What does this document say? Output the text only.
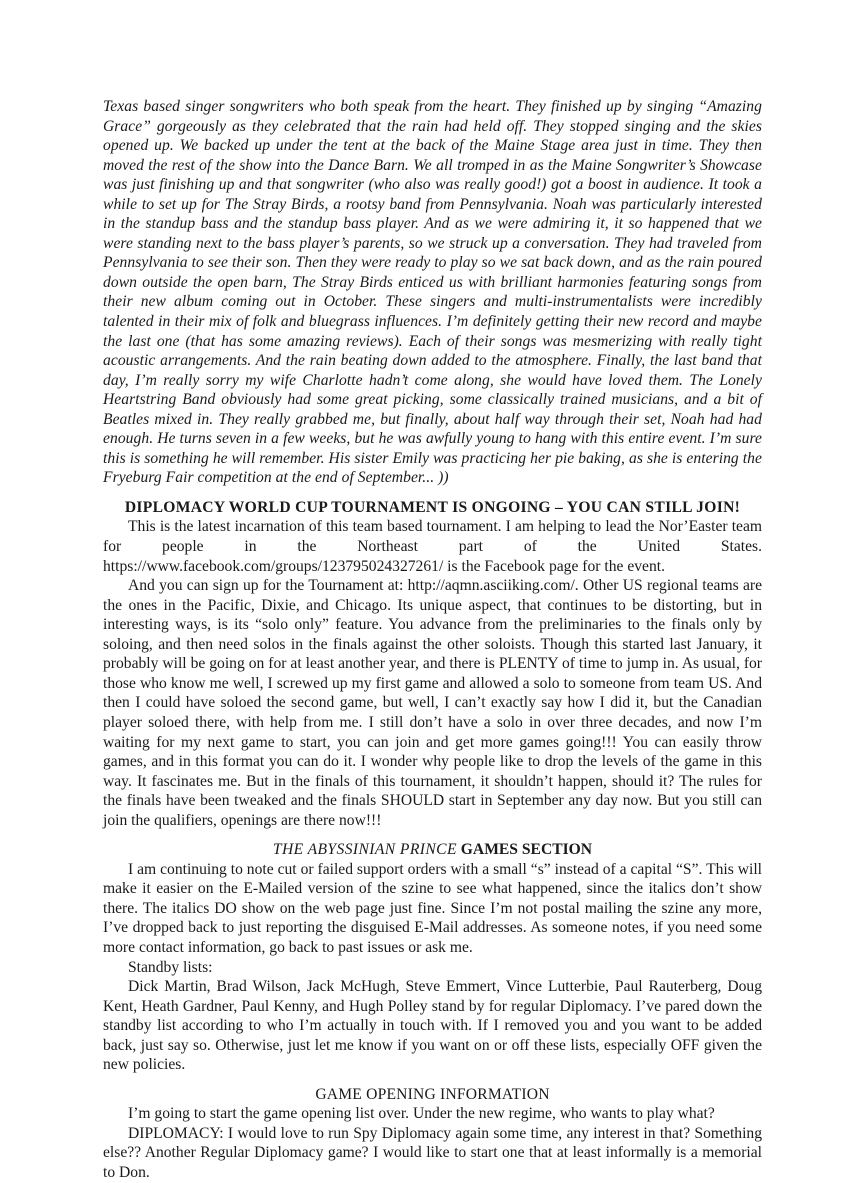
Texas based singer songwriters who both speak from the heart. They finished up by singing “Amazing Grace” gorgeously as they celebrated that the rain had held off. They stopped singing and the skies opened up. We backed up under the tent at the back of the Maine Stage area just in time. They then moved the rest of the show into the Dance Barn. We all tromped in as the Maine Songwriter’s Showcase was just finishing up and that songwriter (who also was really good!) got a boost in audience. It took a while to set up for The Stray Birds, a rootsy band from Pennsylvania. Noah was particularly interested in the standup bass and the standup bass player. And as we were admiring it, it so happened that we were standing next to the bass player’s parents, so we struck up a conversation. They had traveled from Pennsylvania to see their son. Then they were ready to play so we sat back down, and as the rain poured down outside the open barn, The Stray Birds enticed us with brilliant harmonies featuring songs from their new album coming out in October. These singers and multi-instrumentalists were incredibly talented in their mix of folk and bluegrass influences. I’m definitely getting their new record and maybe the last one (that has some amazing reviews). Each of their songs was mesmerizing with really tight acoustic arrangements. And the rain beating down added to the atmosphere. Finally, the last band that day, I’m really sorry my wife Charlotte hadn’t come along, she would have loved them. The Lonely Heartstring Band obviously had some great picking, some classically trained musicians, and a bit of Beatles mixed in. They really grabbed me, but finally, about half way through their set, Noah had had enough. He turns seven in a few weeks, but he was awfully young to hang with this entire event. I’m sure this is something he will remember. His sister Emily was practicing her pie baking, as she is entering the Fryeburg Fair competition at the end of September... ))

DIPLOMACY WORLD CUP TOURNAMENT IS ONGOING – YOU CAN STILL JOIN!

This is the latest incarnation of this team based tournament. I am helping to lead the Nor’Easter team for people in the Northeast part of the United States. https://www.facebook.com/groups/123795024327261/ is the Facebook page for the event.

And you can sign up for the Tournament at: http://aqmn.asciiking.com/. Other US regional teams are the ones in the Pacific, Dixie, and Chicago. Its unique aspect, that continues to be distorting, but in interesting ways, is its “solo only” feature. You advance from the preliminaries to the finals only by soloing, and then need solos in the finals against the other soloists. Though this started last January, it probably will be going on for at least another year, and there is PLENTY of time to jump in. As usual, for those who know me well, I screwed up my first game and allowed a solo to someone from team US. And then I could have soloed the second game, but well, I can’t exactly say how I did it, but the Canadian player soloed there, with help from me. I still don’t have a solo in over three decades, and now I’m waiting for my next game to start, you can join and get more games going!!! You can easily throw games, and in this format you can do it. I wonder why people like to drop the levels of the game in this way. It fascinates me. But in the finals of this tournament, it shouldn’t happen, should it? The rules for the finals have been tweaked and the finals SHOULD start in September any day now. But you still can join the qualifiers, openings are there now!!!

THE ABYSSINIAN PRINCE GAMES SECTION

I am continuing to note cut or failed support orders with a small “s” instead of a capital “S”. This will make it easier on the E-Mailed version of the szine to see what happened, since the italics don’t show there. The italics DO show on the web page just fine. Since I’m not postal mailing the szine any more, I’ve dropped back to just reporting the disguised E-Mail addresses. As someone notes, if you need some more contact information, go back to past issues or ask me.

Standby lists:

Dick Martin, Brad Wilson, Jack McHugh, Steve Emmert, Vince Lutterbie, Paul Rauterberg, Doug Kent, Heath Gardner, Paul Kenny, and Hugh Polley stand by for regular Diplomacy. I’ve pared down the standby list according to who I’m actually in touch with. If I removed you and you want to be added back, just say so. Otherwise, just let me know if you want on or off these lists, especially OFF given the new policies.

GAME OPENING INFORMATION

I’m going to start the game opening list over. Under the new regime, who wants to play what?

DIPLOMACY: I would love to run Spy Diplomacy again some time, any interest in that? Something else?? Another Regular Diplomacy game? I would like to start one that at least informally is a memorial to Don.
